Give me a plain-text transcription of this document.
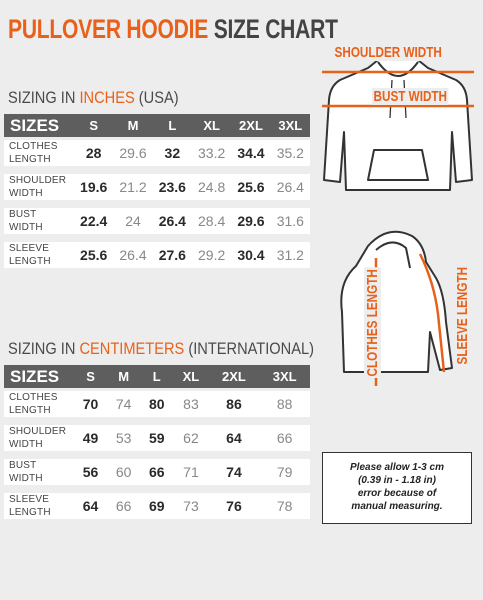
PULLOVER HOODIE SIZE CHART
SIZING IN INCHES (USA)
SIZES	S	M	L	XL	2XL	3XL

CLOTHES
LENGTH	28	29.6	32	33.2	34.4	35.2

SHOULDER
WIDTH	19.6	21.2	23.6	24.8	25.6	26.4

BUST
WIDTH	22.4	24	26.4	28.4	29.6	31.6

SLEEVE
LENGTH	25.6	26.4	27.6	29.2	30.4	31.2
SIZING IN CENTIMETERS (INTERNATIONAL)
SIZES	S	M	L	XL	2XL	3XL

CLOTHES
LENGTH	70	74	80	83	86	88

SHOULDER
WIDTH	49	53	59	62	64	66

BUST
WIDTH	56	60	66	71	74	79

SLEEVE
LENGTH	64	66	69	73	76	78
SHOULDER WIDTH
BUST WIDTH
CLOTHES LENGTH	SLEEVE LENGTH
Please allow 1-3 cm
(0.39 in - 1.18 in)
error because of
manual measuring.
